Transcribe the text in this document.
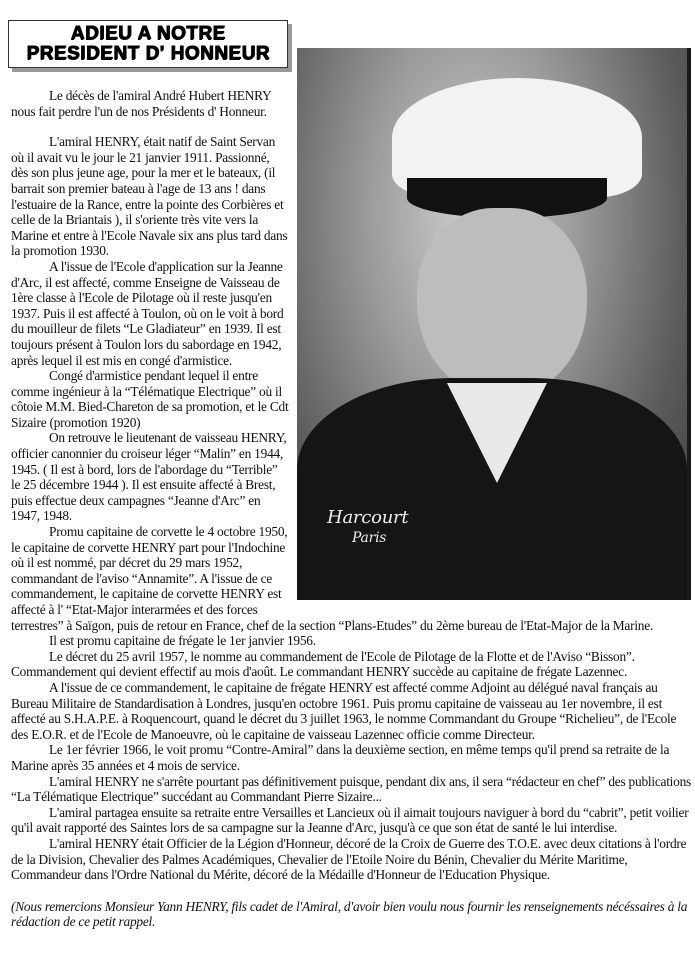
ADIEU A NOTRE
PRESIDENT D' HONNEUR
Harcourt
Paris

Le décès de l'amiral André Hubert HENRY nous fait perdre l'un de nos Présidents d' Honneur.

L'amiral HENRY, était natif de Saint Servan où il avait vu le jour le 21 janvier 1911. Passionné, dès son plus jeune age, pour la mer et le bateaux, (il barrait son premier bateau à l'age de 13 ans ! dans l'estuaire de la Rance, entre la pointe des Corbières et celle de la Briantais ), il s'oriente très vite vers la Marine et entre à l'Ecole Navale six ans plus tard dans la promotion 1930.

A l'issue de l'Ecole d'application sur la Jeanne d'Arc, il est affecté, comme Enseigne de Vaisseau de 1ère classe à l'Ecole de Pilotage où il reste jusqu'en 1937. Puis il est affecté à Toulon, où on le voit à bord du mouilleur de filets “Le Gladiateur” en 1939. Il est toujours présent à Toulon lors du sabordage en 1942, après lequel il est mis en congé d'armistice.

Congé d'armistice pendant lequel il entre comme ingénieur à la “Télématique Electrique” où il côtoie M.M. Bied-Chareton de sa promotion, et le Cdt Sizaire (promotion 1920)

On retrouve le lieutenant de vaisseau HENRY, officier canonnier du croiseur léger “Malin” en 1944, 1945. ( Il est à bord, lors de l'abordage du “Terrible” le 25 décembre 1944 ). Il est ensuite affecté à Brest, puis effectue deux campagnes “Jeanne d'Arc” en 1947, 1948.

Promu capitaine de corvette le 4 octobre 1950, le capitaine de corvette HENRY part pour l'Indochine où il est nommé, par décret du 29 mars 1952, commandant de l'aviso “Annamite”. A l'issue de ce commandement, le capitaine de corvette HENRY est affecté à l' “Etat-Major interarmées et des forces terrestres” à Saïgon, puis de retour en France, chef de la section “Plans-Etudes” du 2ème bureau de l'Etat-Major de la Marine.

Il est promu capitaine de frégate le 1er janvier 1956.

Le décret du 25 avril 1957, le nomme au commandement de l'Ecole de Pilotage de la Flotte et de l'Aviso “Bisson”. Commandement qui devient effectif au mois d'août. Le commandant HENRY succède au capitaine de frégate Lazennec.

A l'issue de ce commandement, le capitaine de frégate HENRY est affecté comme Adjoint au délégué naval français au Bureau Militaire de Standardisation à Londres, jusqu'en octobre 1961. Puis promu capitaine de vaisseau au 1er novembre, il est affecté au S.H.A.P.E. à Roquencourt, quand le décret du 3 juillet 1963, le nomme Commandant du Groupe “Richelieu”, de l'Ecole des E.O.R. et de l'Ecole de Manoeuvre, où le capitaine de vaisseau Lazennec officie comme Directeur.

Le 1er février 1966, le voit promu “Contre-Amiral” dans la deuxième section, en même temps qu'il prend sa retraite de la Marine après 35 années et 4 mois de service.

L'amiral HENRY ne s'arrête pourtant pas définitivement puisque, pendant dix ans, il sera “rédacteur en chef” des publications “La Télématique Electrique” succédant au Commandant Pierre Sizaire...

L'amiral partagea ensuite sa retraite entre Versailles et Lancieux où il aimait toujours naviguer à bord du “cabrit”, petit voilier qu'il avait rapporté des Saintes lors de sa campagne sur la Jeanne d'Arc, jusqu'à ce que son état de santé le lui interdise.

L'amiral HENRY était Officier de la Légion d'Honneur, décoré de la Croix de Guerre des T.O.E. avec deux citations à l'ordre de la Division, Chevalier des Palmes Académiques, Chevalier de l'Etoile Noire du Bénin, Chevalier du Mérite Maritime, Commandeur dans l'Ordre National du Mérite, décoré de la Médaille d'Honneur de l'Education Physique.

(Nous remercions Monsieur Yann HENRY, fils cadet de l'Amiral, d'avoir bien voulu nous fournir les renseignements nécéssaires à la rédaction de ce petit rappel.
